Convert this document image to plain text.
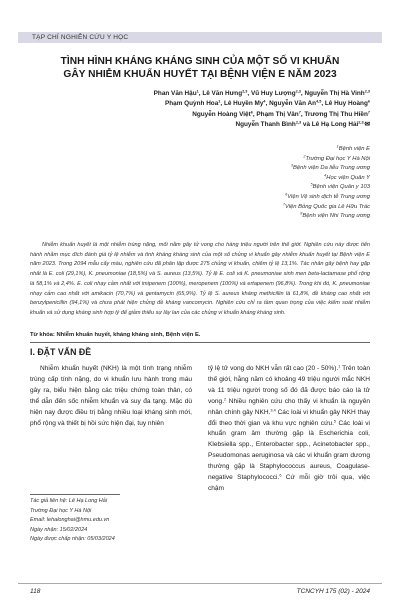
TẠP CHÍ NGHIÊN CỨU Y HỌC
TÌNH HÌNH KHÁNG KHÁNG SINH CỦA MỘT SỐ VI KHUẨN
GÂY NHIỄM KHUẨN HUYẾT TẠI BỆNH VIỆN E NĂM 2023
Phan Văn Hậu$^1$, Lê Văn Hưng$^{2,3}$, Vũ Huy Lượng$^{2,3}$, Nguyễn Thị Hà Vinh$^{2,3}$
Phạm Quỳnh Hoa$^1$, Lê Huyền My$^4$, Nguyễn Văn An$^{4,5}$, Lê Huy Hoàng$^6$
Nguyễn Hoàng Việt$^6$, Phạm Thị Vân$^7$, Trương Thị Thu Hiền$^7$
Nguyễn Thanh Bình$^{2,3}$ và Lê Hạ Long Hải$^{2,3,}$✉
$^1$Bệnh viện E
$^2$Trường Đại học Y Hà Nội
$^3$Bệnh viện Da liễu Trung ương
$^4$Học viện Quân Y
$^5$Bệnh viện Quân y 103
$^6$Viện Vệ sinh dịch tễ Trung ương
$^7$Viện Bỏng Quốc gia Lê Hữu Trác
$^8$Bệnh viện Nhi Trung ương
Nhiễm khuẩn huyết là một nhiễm trùng nặng, mối nằm gây tử vong cho hàng triệu người trên thế giới. Nghiên cứu này được tiến hành nhằm mục đích đánh giá tỷ lệ nhiễm và tình kháng kháng sinh của một số chủng vi khuẩn gây nhiễm khuẩn huyết tại Bệnh viện E năm 2023. Trong 2094 mẫu cấy máu, nghiên cứu đã phân lập được 275 chủng vi khuẩn, chiếm tỷ lệ 13,1%. Tác nhân gây bệnh hay gặp nhất là E. coli (29,1%), K. pneumoniae (18,5%) và S. aureus (13,5%). Tỷ lệ E. coli và K. pneumoniae sinh men beta-lactamase phổ rộng là 58,1% và 2,4%. E. coli nhạy cảm nhất với imipenem (100%), meropenem (100%) và ertapenem (96,8%). Trong khi đó, K. pneumoniae nhạy cảm cao nhất với amikacin (70,7%) và gentamycin (65,9%). Tỷ lệ S. aureus kháng methicillin là 61,8%, đề kháng cao nhất với benzylpenicillin (94,1%) và chưa phát hiện chủng đề kháng vancomycin. Nghiên cứu chỉ ra tầm quan trọng của việc kiểm soát nhiễm khuẩn và sử dụng kháng sinh hợp lý để giảm thiểu sự lây lan của các chủng vi khuẩn kháng kháng sinh.
Từ khóa: Nhiễm khuẩn huyết, kháng kháng sinh, Bệnh viện E.
I. ĐẶT VẤN ĐỀ
Nhiễm khuẩn huyết (NKH) là một tình trạng nhiễm trùng cấp tính nặng, do vi khuẩn lưu hành trong máu gây ra, biểu hiện bằng các triệu chứng toàn thân, có thể dẫn đến sốc nhiễm khuẩn và suy đa tạng. Mặc dù hiện nay được điều trị bằng nhiều loại kháng sinh mới, phổ rộng và thiết bị hồi sức hiện đại, tuy nhiên
tỷ lệ tử vong do NKH vẫn rất cao (20 - 50%).$^1$ Trên toàn thế giới, hằng năm có khoảng 49 triệu người mắc NKH và 11 triệu người trong số đó đã được báo cáo là tử vong.$^2$ Nhiều nghiên cứu cho thấy vi khuẩn là nguyên nhân chính gây NKH.$^{3,4}$ Các loài vi khuẩn gây NKH thay đổi theo thời gian và khu vực nghiên cứu.$^5$ Các loài vi khuẩn gram âm thường gặp là Escherichia coli, Klebsiella spp., Enterobacter spp., Acinetobacter spp., Pseudomonas aeruginosa và các vi khuẩn gram dương thường gặp là Staphylococcus aureus, Coagulase-negative Staphylococci.$^6$ Cứ mỗi giờ trôi qua, việc chậm
Tác giả liên hệ: Lê Hạ Long Hải
Trường Đại học Y Hà Nội
Email: lehalonghai@hmu.edu.vn
Ngày nhận: 15/02/2024
Ngày được chấp nhận: 05/03/2024
118	TCNCYH 175 (02) - 2024
